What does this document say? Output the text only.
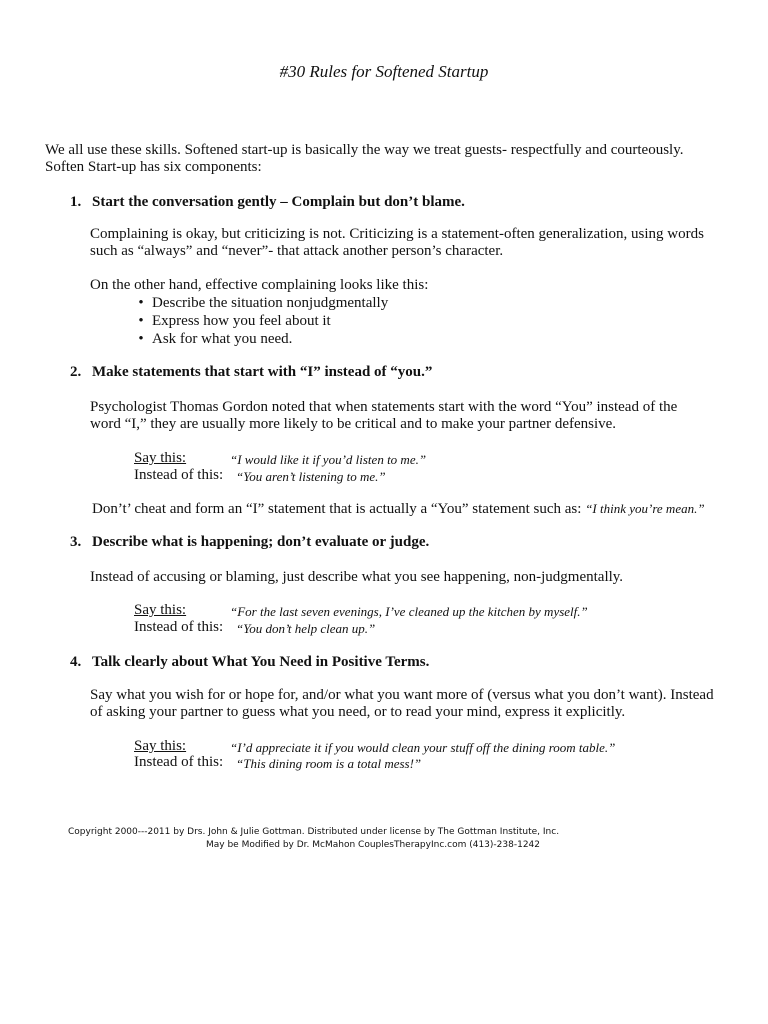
#30 Rules for Softened Startup
We all use these skills. Softened start-up is basically the way we treat guests- respectfully and courteously.
Soften Start-up has six components:
1. Start the conversation gently – Complain but don’t blame.
Complaining is okay, but criticizing is not. Criticizing is a statement-often generalization, using words
such as “always” and “never”- that attack another person’s character.
On the other hand, effective complaining looks like this:
• Describe the situation nonjudgmentally
• Express how you feel about it
• Ask for what you need.
2. Make statements that start with “I” instead of “you.”
Psychologist Thomas Gordon noted that when statements start with the word “You” instead of the
word “I,” they are usually more likely to be critical and to make your partner defensive.
Say this:	“I would like it if you’d listen to me.”
Instead of this: “You aren’t listening to me.”
Don’t’ cheat and form an “I” statement that is actually a “You” statement such as: “I think you’re mean.”
3. Describe what is happening; don’t evaluate or judge.
Instead of accusing or blaming, just describe what you see happening, non-judgmentally.
Say this:	“For the last seven evenings, I’ve cleaned up the kitchen by myself.”
Instead of this: “You don’t help clean up.”
4. Talk clearly about What You Need in Positive Terms.
Say what you wish for or hope for, and/or what you want more of (versus what you don’t want). Instead
of asking your partner to guess what you need, or to read your mind, express it explicitly.
Say this:	“I’d appreciate it if you would clean your stuff off the dining room table.”
Instead of this: “This dining room is a total mess!”
Copyright 2000---2011 by Drs. John & Julie Gottman. Distributed under license by The Gottman Institute, Inc.
May be Modified by Dr. McMahon CouplesTherapyInc.com (413)-238-1242
